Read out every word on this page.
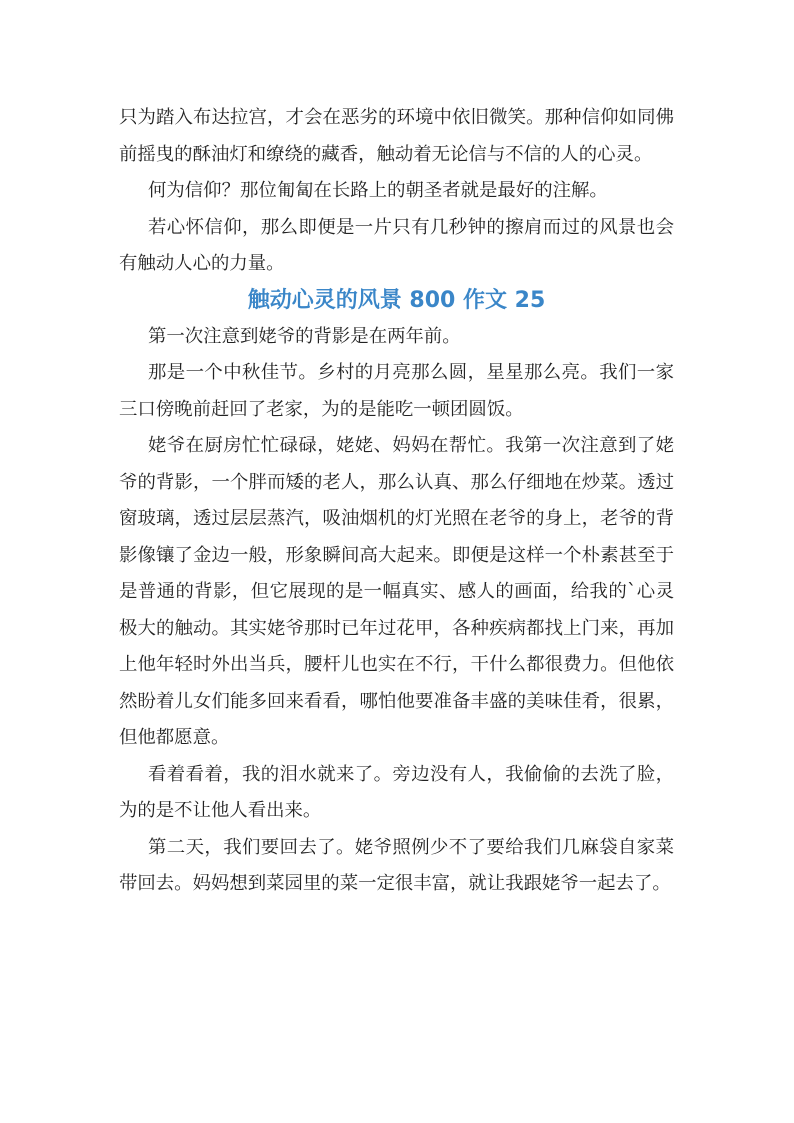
只为踏入布达拉宫，才会在恶劣的环境中依旧微笑。那种信仰如同佛前摇曳的酥油灯和缭绕的藏香，触动着无论信与不信的人的心灵。

何为信仰？那位匍匐在长路上的朝圣者就是最好的注解。

若心怀信仰，那么即便是一片只有几秒钟的擦肩而过的风景也会有触动人心的力量。

触动心灵的风景 800 作文 25

第一次注意到姥爷的背影是在两年前。

那是一个中秋佳节。乡村的月亮那么圆，星星那么亮。我们一家三口傍晚前赶回了老家，为的是能吃一顿团圆饭。

姥爷在厨房忙忙碌碌，姥姥、妈妈在帮忙。我第一次注意到了姥爷的背影，一个胖而矮的老人，那么认真、那么仔细地在炒菜。透过窗玻璃，透过层层蒸汽，吸油烟机的灯光照在老爷的身上，老爷的背影像镶了金边一般，形象瞬间高大起来。即便是这样一个朴素甚至于是普通的背影，但它展现的是一幅真实、感人的画面，给我的`心灵极大的触动。其实姥爷那时已年过花甲，各种疾病都找上门来，再加上他年轻时外出当兵，腰杆儿也实在不行，干什么都很费力。但他依然盼着儿女们能多回来看看，哪怕他要准备丰盛的美味佳肴，很累，但他都愿意。

看着看着，我的泪水就来了。旁边没有人，我偷偷的去洗了脸，为的是不让他人看出来。

第二天，我们要回去了。姥爷照例少不了要给我们几麻袋自家菜带回去。妈妈想到菜园里的菜一定很丰富，就让我跟姥爷一起去了。
